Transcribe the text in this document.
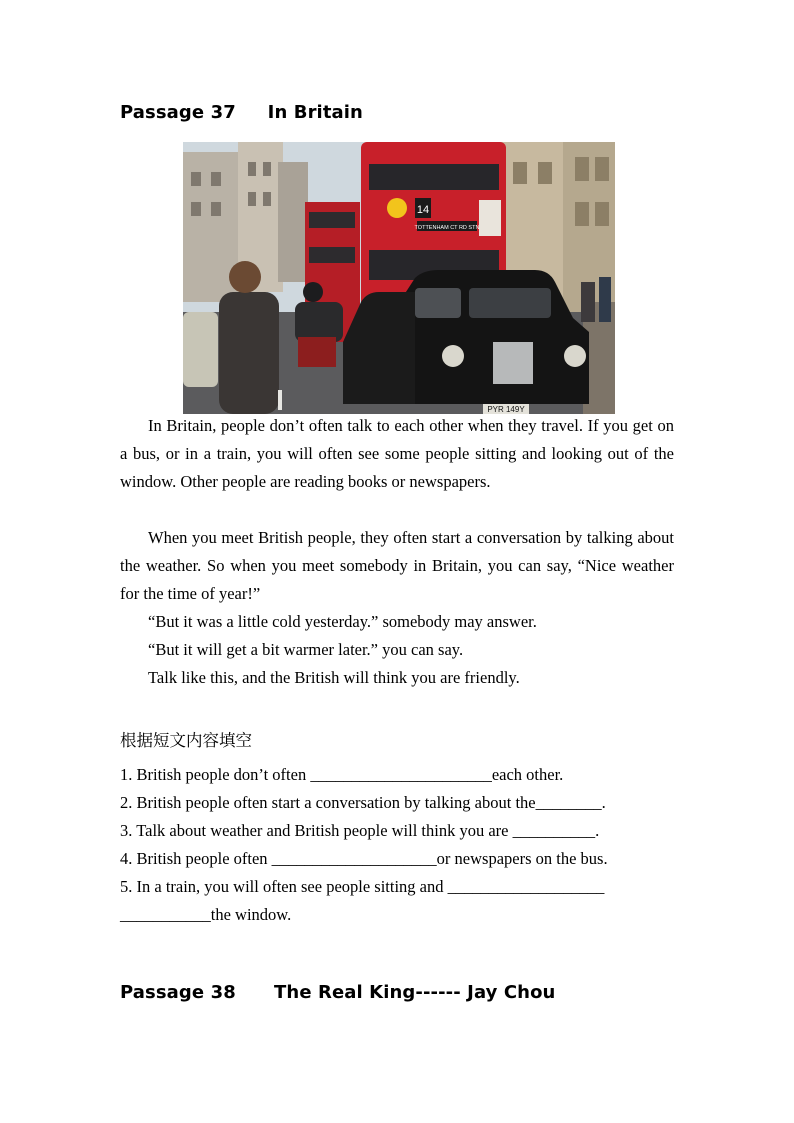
Passage 37     In Britain
14
TOTTENHAM CT RD STN
PYR 149Y

In Britain, people don’t often talk to each other when they travel. If you get on a bus, or in a train, you will often see some people sitting and looking out of the window. Other people are reading books or newspapers.

When you meet British people, they often start a conversation by talking about the weather. So when you meet somebody in Britain, you can say, “Nice weather for the time of year!”

“But it was a little cold yesterday.” somebody may answer.

“But it will get a bit warmer later.” you can say.

Talk like this, and the British will think you are friendly.

根据短文内容填空
1. British people don’t often ______________________each other.
2. British people often start a conversation by talking about the________.
3. Talk about weather and British people will think you are __________.
4. British people often ____________________or newspapers on the bus.
5. In a train, you will often see people sitting and ___________________
___________the window.
Passage 38      The Real King------ Jay Chou
